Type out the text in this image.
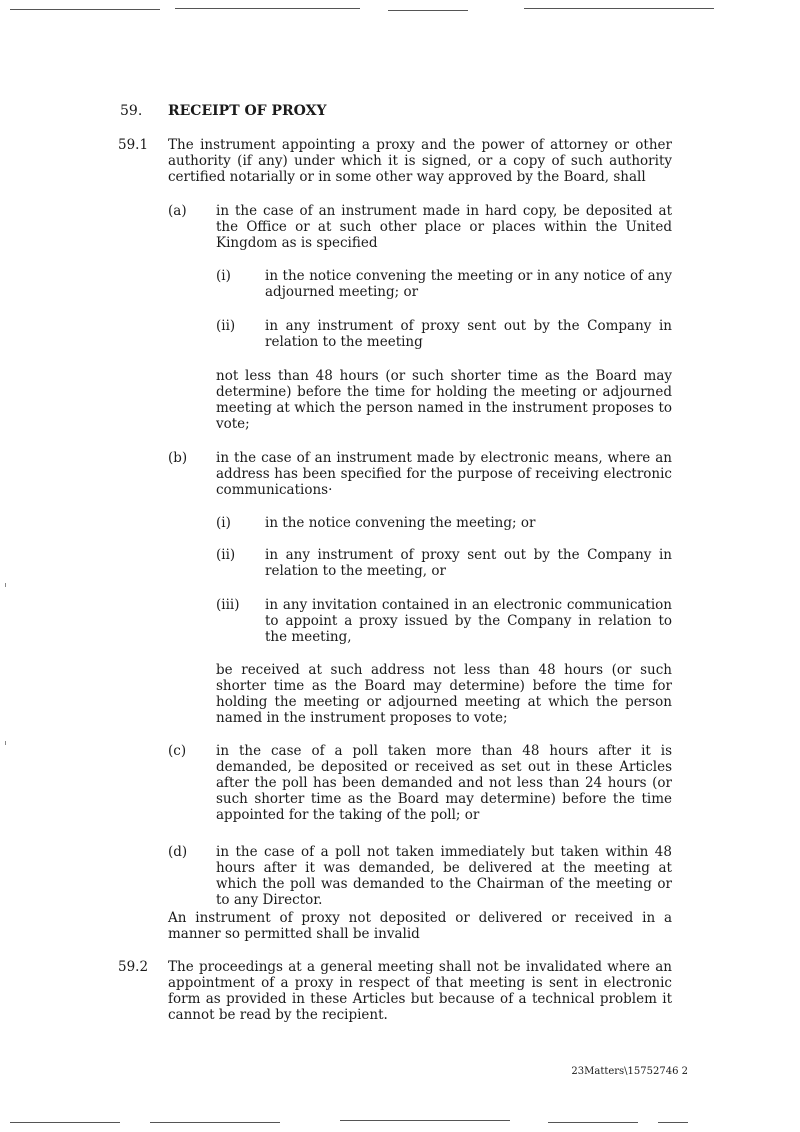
59. RECEIPT OF PROXY
59.1 The instrument appointing a proxy and the power of attorney or other authority (if any) under which it is signed, or a copy of such authority certified notarially or in some other way approved by the Board, shall
(a) in the case of an instrument made in hard copy, be deposited at the Office or at such other place or places within the United Kingdom as is specified
(i)	in the notice convening the meeting or in any notice of any adjourned meeting; or
(ii) in any instrument of proxy sent out by the Company in relation to the meeting
not less than 48 hours (or such shorter time as the Board may determine) before the time for holding the meeting or adjourned meeting at which the person named in the instrument proposes to vote;
(b) in the case of an instrument made by electronic means, where an address has been specified for the purpose of receiving electronic communications·
(i)	in the notice convening the meeting; or
(ii) in any instrument of proxy sent out by the Company in relation to the meeting, or
(iii) in any invitation contained in an electronic communication to appoint a proxy issued by the Company in relation to the meeting,
be received at such address not less than 48 hours (or such shorter time as the Board may determine) before the time for holding the meeting or adjourned meeting at which the person named in the instrument proposes to vote;
(c) in the case of a poll taken more than 48 hours after it is demanded, be deposited or received as set out in these Articles after the poll has been demanded and not less than 24 hours (or such shorter time as the Board may determine) before the time appointed for the taking of the poll; or
(d) in the case of a poll not taken immediately but taken within 48 hours after it was demanded, be delivered at the meeting at which the poll was demanded to the Chairman of the meeting or to any Director.
An instrument of proxy not deposited or delivered or received in a manner so permitted shall be invalid
59.2 The proceedings at a general meeting shall not be invalidated where an appointment of a proxy in respect of that meeting is sent in electronic form as provided in these Articles but because of a technical problem it cannot be read by the recipient.
23Matters\15752746 2
